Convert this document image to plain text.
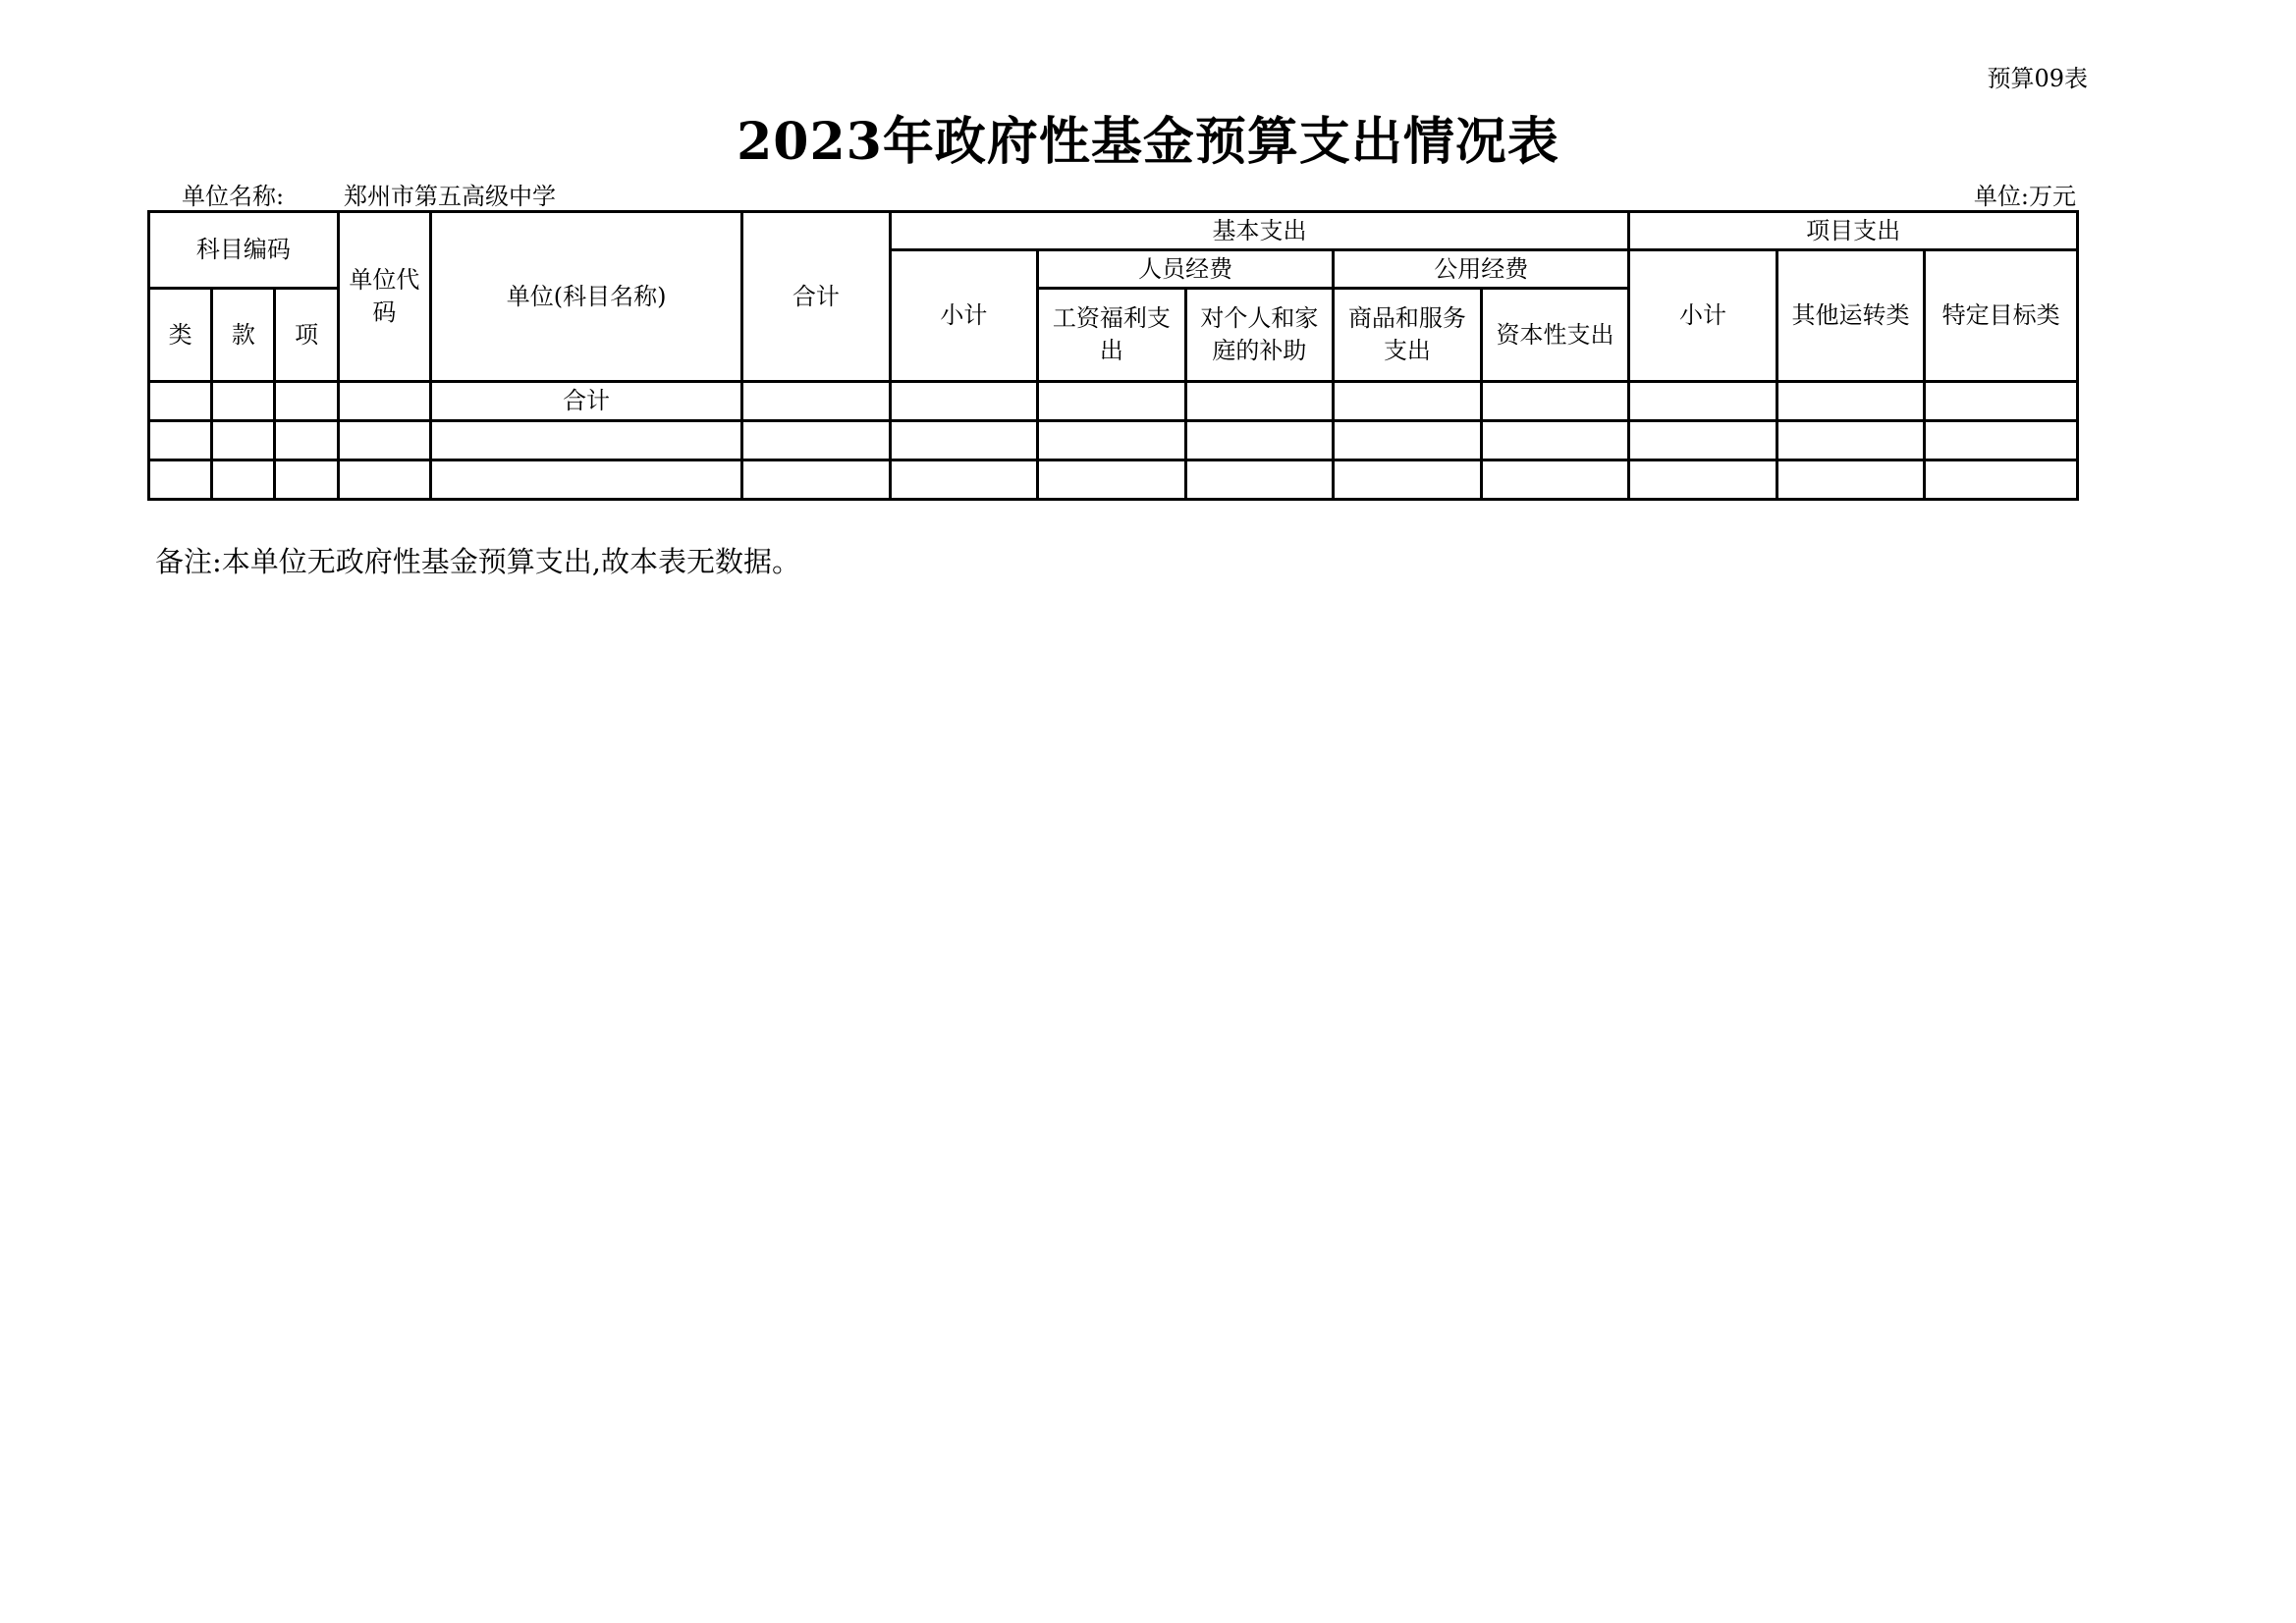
预算09表
2023年政府性基金预算支出情况表
单位名称:	郑州市第五高级中学	单位:万元
科目编码			单位代码	单位(科目名称)	合计	基本支出					项目支出		
						小计	人员经费		公用经费		小计	其他运转类	特定目标类
类	款	项					工资福利支出	对个人和家庭的补助	商品和服务支出	资本性支出			
				合计									

备注:本单位无政府性基金预算支出,故本表无数据。
